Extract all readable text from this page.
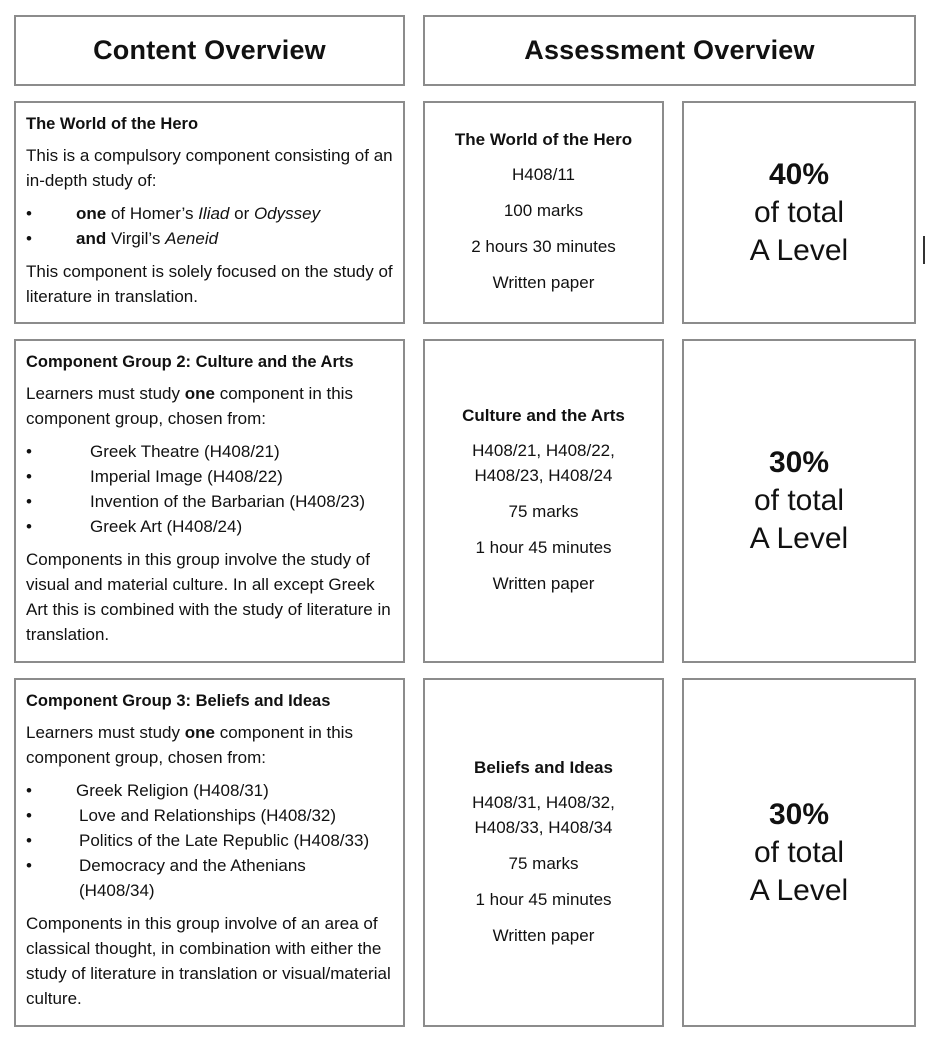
Content Overview	Assessment Overview
The World of the Hero

This is a compulsory component consisting of an in-depth study of:

• one of Homer’s Iliad or Odyssey
• and Virgil’s Aeneid

This component is solely focused on the study of literature in translation.

The World of the Hero
H408/11
100 marks
2 hours 30 minutes
Written paper
40%
of total
A Level
Component Group 2: Culture and the Arts

Learners must study one component in this component group, chosen from:

• Greek Theatre (H408/21)
• Imperial Image (H408/22)
• Invention of the Barbarian (H408/23)
• Greek Art (H408/24)

Components in this group involve the study of visual and material culture. In all except Greek Art this is combined with the study of literature in translation.

Culture and the Arts
H408/21, H408/22, H408/23, H408/24
75 marks
1 hour 45 minutes
Written paper
30%
of total
A Level
Component Group 3: Beliefs and Ideas

Learners must study one component in this component group, chosen from:

• Greek Religion (H408/31)
• Love and Relationships (H408/32)
• Politics of the Late Republic (H408/33)
• Democracy and the Athenians (H408/34)

Components in this group involve of an area of classical thought, in combination with either the study of literature in translation or visual/material culture.

Beliefs and Ideas
H408/31, H408/32, H408/33, H408/34
75 marks
1 hour 45 minutes
Written paper
30%
of total
A Level
